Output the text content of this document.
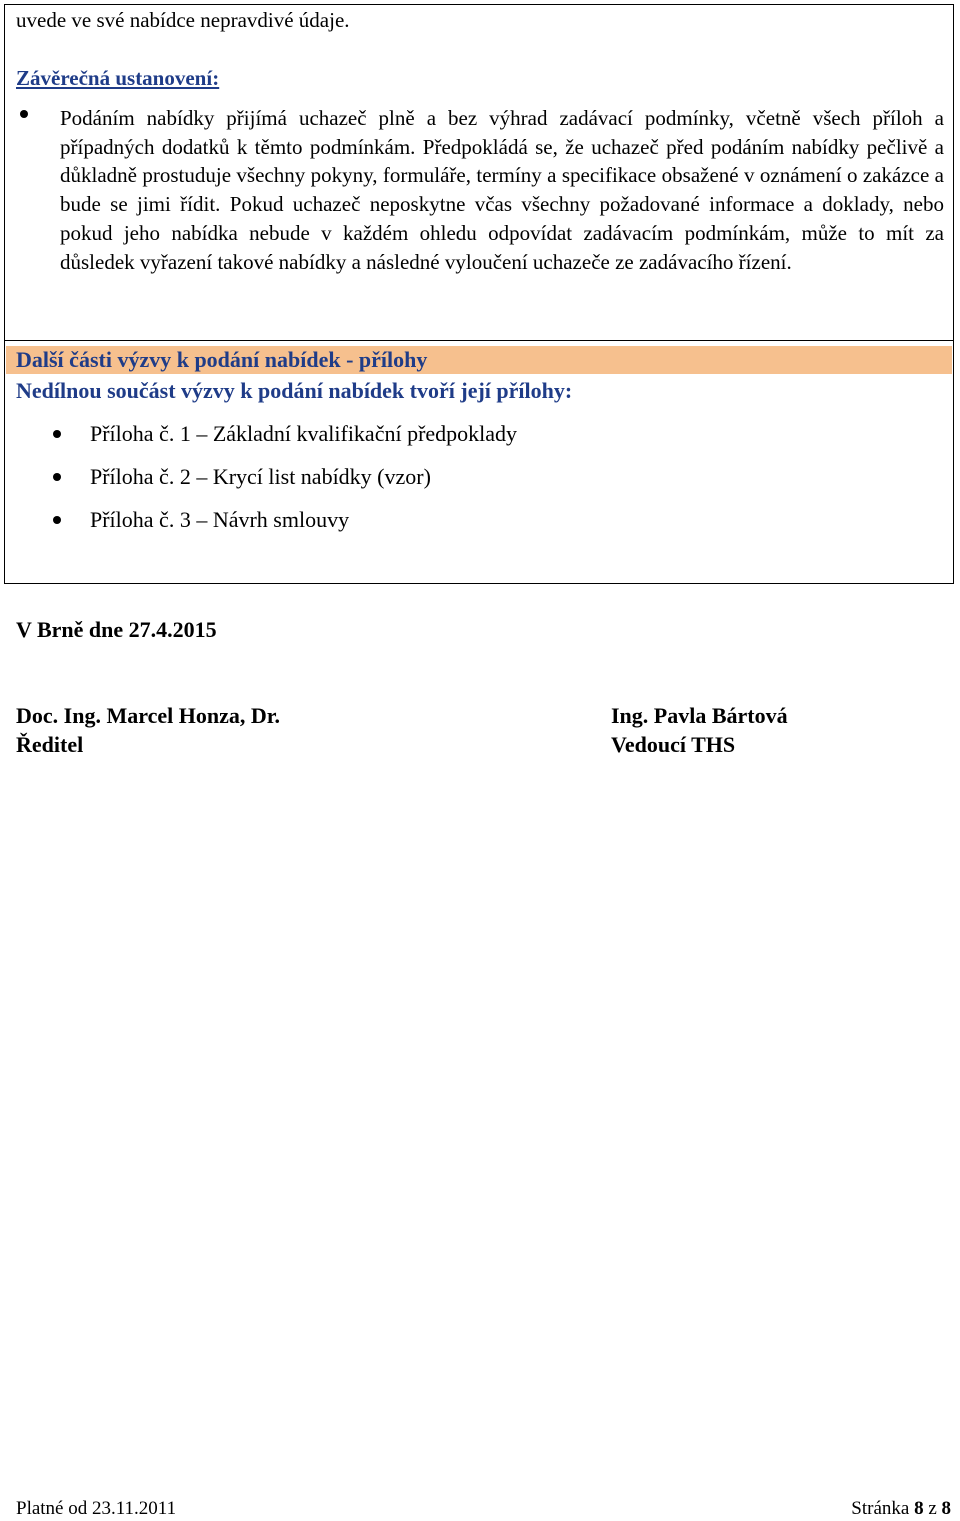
uvede ve své nabídce nepravdivé údaje.
Závěrečná ustanovení:
Podáním nabídky přijímá uchazeč plně a bez výhrad zadávací podmínky, včetně všech příloh a případných dodatků k těmto podmínkám. Předpokládá se, že uchazeč před podáním nabídky pečlivě a důkladně prostuduje všechny pokyny, formuláře, termíny a specifikace obsažené v oznámení o zakázce a bude se jimi řídit. Pokud uchazeč neposkytne včas všechny požadované informace a doklady, nebo pokud jeho nabídka nebude v každém ohledu odpovídat zadávacím podmínkám, může to mít za důsledek vyřazení takové nabídky a následné vyloučení uchazeče ze zadávacího řízení.
Další části výzvy k podání nabídek - přílohy
Nedílnou součást výzvy k podání nabídek tvoří její přílohy:
Příloha č. 1 – Základní kvalifikační předpoklady
Příloha č. 2 – Krycí list nabídky (vzor)
Příloha č. 3 – Návrh smlouvy
V Brně dne 27.4.2015
Doc. Ing. Marcel Honza, Dr.
Ředitel
Ing. Pavla Bártová
Vedoucí THS
Platné od 23.11.2011	Stránka 8 z 8
